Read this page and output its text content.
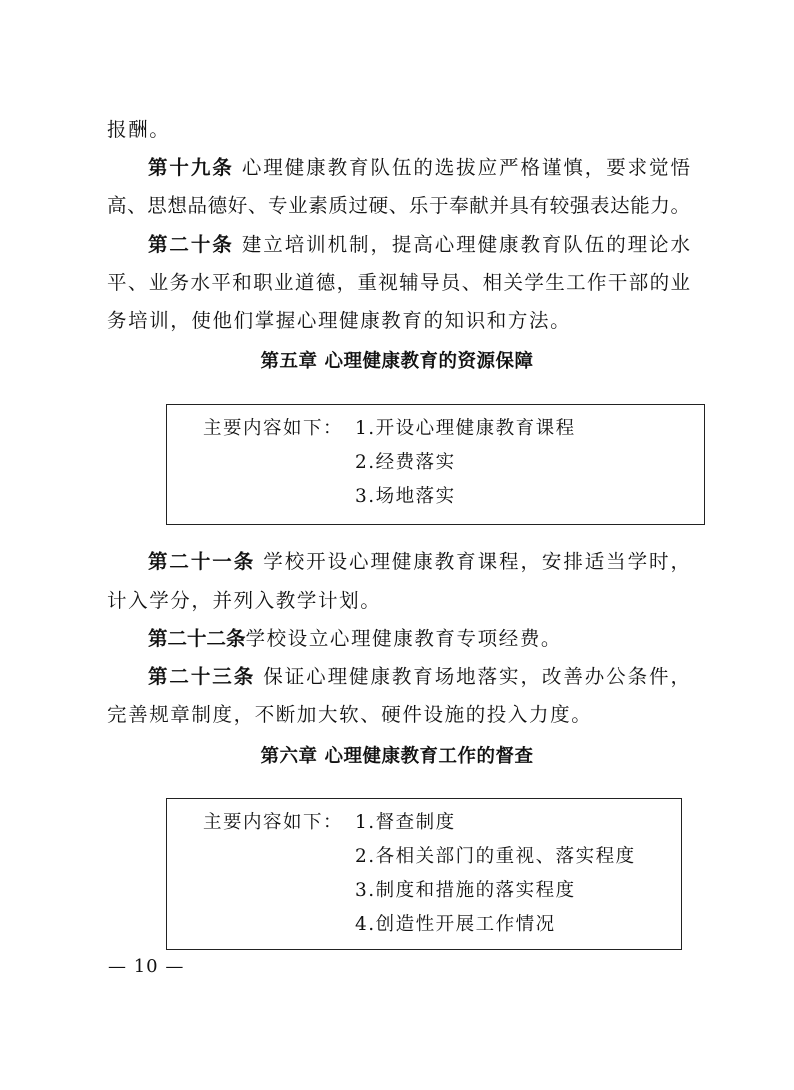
报酬。
第十九条 心理健康教育队伍的选拔应严格谨慎，要求觉悟
高、思想品德好、专业素质过硬、乐于奉献并具有较强表达能力。
第二十条 建立培训机制，提高心理健康教育队伍的理论水
平、业务水平和职业道德，重视辅导员、相关学生工作干部的业
务培训，使他们掌握心理健康教育的知识和方法。
第五章 心理健康教育的资源保障
主要内容如下： 1.开设心理健康教育课程
2.经费落实
3.场地落实
第二十一条 学校开设心理健康教育课程，安排适当学时，
计入学分，并列入教学计划。
第二十二条学校设立心理健康教育专项经费。
第二十三条 保证心理健康教育场地落实，改善办公条件，
完善规章制度，不断加大软、硬件设施的投入力度。
第六章 心理健康教育工作的督查
主要内容如下： 1.督查制度
2.各相关部门的重视、落实程度
3.制度和措施的落实程度
4.创造性开展工作情况
— 10 —
